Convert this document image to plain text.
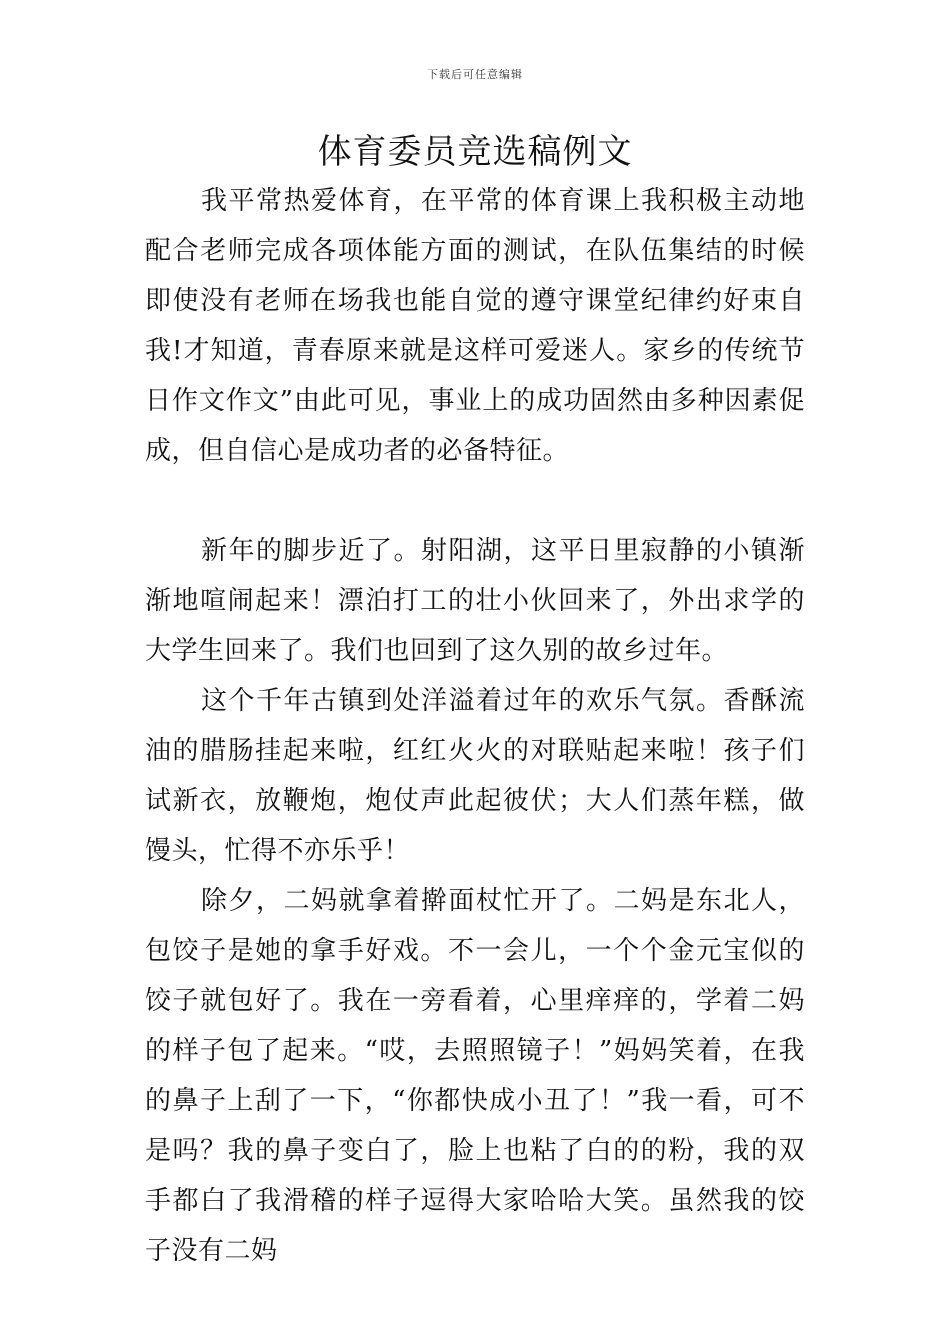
下载后可任意编辑
体育委员竞选稿例文

我平常热爱体育，在平常的体育课上我积极主动地配合老师完成各项体能方面的测试，在队伍集结的时候即使没有老师在场我也能自觉的遵守课堂纪律约好束自我!才知道，青春原来就是这样可爱迷人。家乡的传统节日作文作文”由此可见，事业上的成功固然由多种因素促成，但自信心是成功者的必备特征。

新年的脚步近了。射阳湖，这平日里寂静的小镇渐渐地喧闹起来！漂泊打工的壮小伙回来了，外出求学的大学生回来了。我们也回到了这久别的故乡过年。

这个千年古镇到处洋溢着过年的欢乐气氛。香酥流油的腊肠挂起来啦，红红火火的对联贴起来啦！孩子们试新衣，放鞭炮，炮仗声此起彼伏；大人们蒸年糕，做馒头，忙得不亦乐乎！

除夕，二妈就拿着擀面杖忙开了。二妈是东北人，包饺子是她的拿手好戏。不一会儿，一个个金元宝似的饺子就包好了。我在一旁看着，心里痒痒的，学着二妈的样子包了起来。“哎，去照照镜子！”妈妈笑着，在我的鼻子上刮了一下，“你都快成小丑了！”我一看，可不是吗？我的鼻子变白了，脸上也粘了白的的粉，我的双手都白了我滑稽的样子逗得大家哈哈大笑。虽然我的饺子没有二妈
